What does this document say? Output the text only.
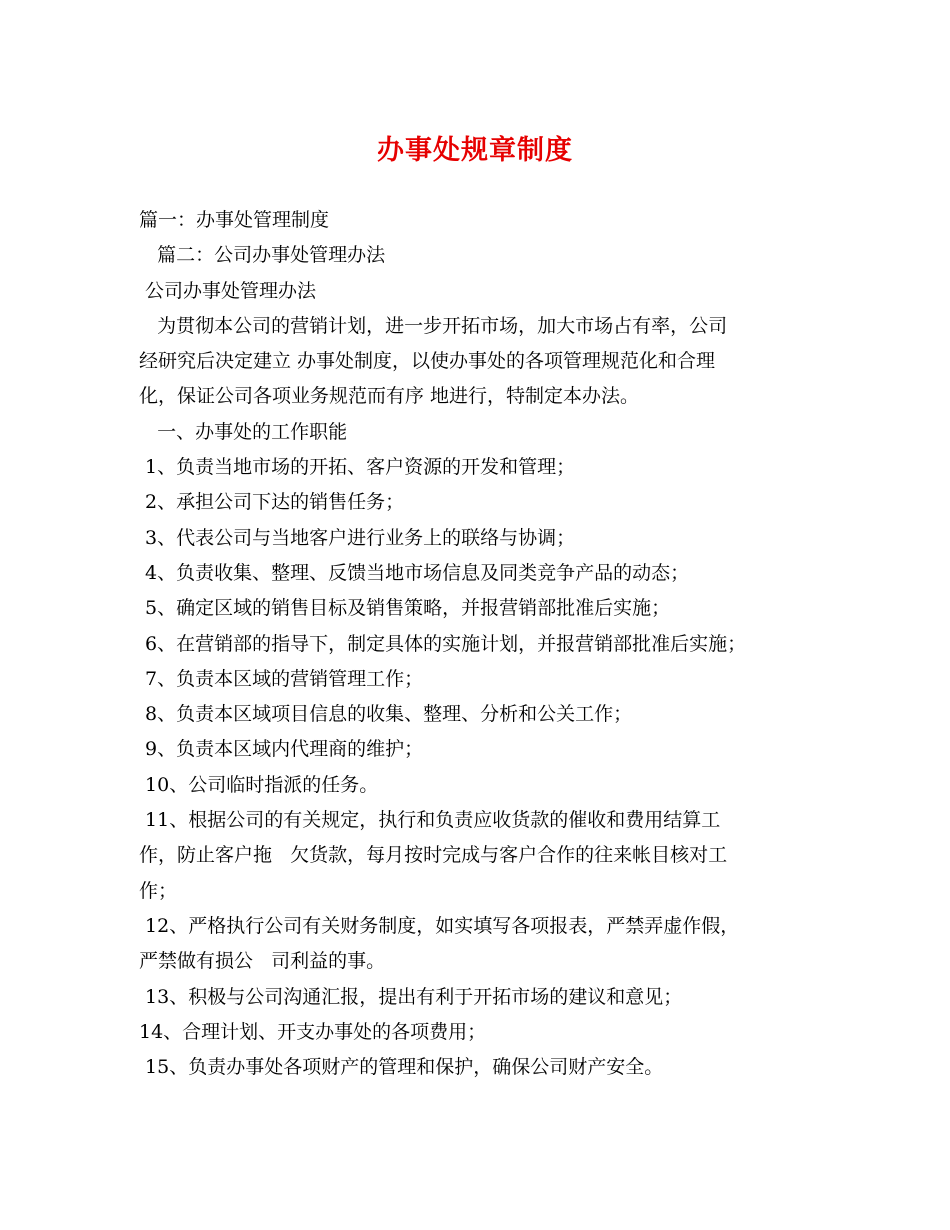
办事处规章制度
篇一：办事处管理制度
篇二：公司办事处管理办法
公司办事处管理办法
为贯彻本公司的营销计划，进一步开拓市场，加大市场占有率，公司
经研究后决定建立 办事处制度，以使办事处的各项管理规范化和合理
化，保证公司各项业务规范而有序 地进行，特制定本办法。
一、办事处的工作职能
1、负责当地市场的开拓、客户资源的开发和管理；
2、承担公司下达的销售任务；
3、代表公司与当地客户进行业务上的联络与协调；
4、负责收集、整理、反馈当地市场信息及同类竞争产品的动态；
5、确定区域的销售目标及销售策略，并报营销部批准后实施；
6、在营销部的指导下，制定具体的实施计划，并报营销部批准后实施；
7、负责本区域的营销管理工作；
8、负责本区域项目信息的收集、整理、分析和公关工作；
9、负责本区域内代理商的维护；
10、公司临时指派的任务。
11、根据公司的有关规定，执行和负责应收货款的催收和费用结算工
作，防止客户拖   欠货款，每月按时完成与客户合作的往来帐目核对工
作；
12、严格执行公司有关财务制度，如实填写各项报表，严禁弄虚作假，
严禁做有损公   司利益的事。
13、积极与公司沟通汇报，提出有利于开拓市场的建议和意见；
14、合理计划、开支办事处的各项费用；
15、负责办事处各项财产的管理和保护，确保公司财产安全。
